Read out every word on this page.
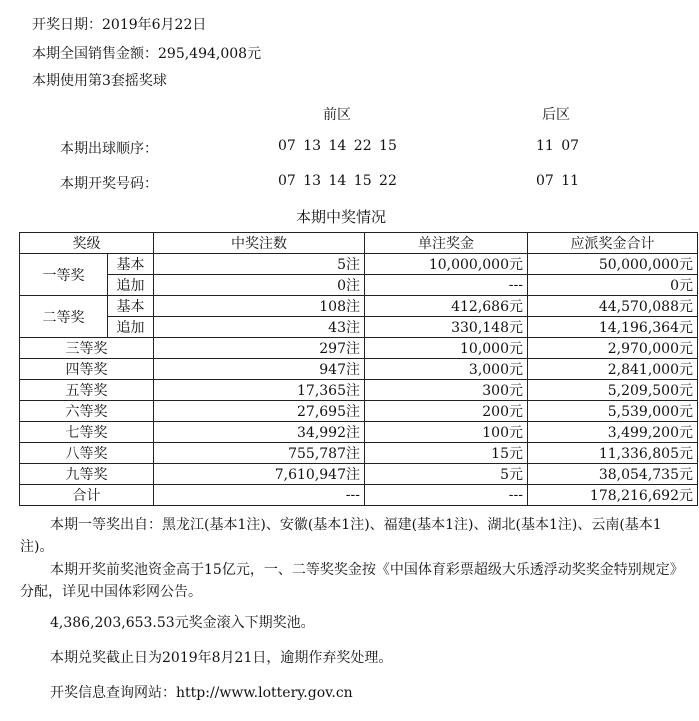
开奖日期：2019年6月22日
本期全国销售金额：295,494,008元
本期使用第3套摇奖球
前区	后区
本期出球顺序：	07 13 14 22 15	11 07
本期开奖号码：	07 13 14 15 22	07 11
本期中奖情况
奖级		中奖注数	单注奖金	应派奖金合计
一等奖	基本	5注	10,000,000元	50,000,000元
	追加	0注	---	0元
二等奖	基本	108注	412,686元	44,570,088元
	追加	43注	330,148元	14,196,364元
三等奖		297注	10,000元	2,970,000元
四等奖		947注	3,000元	2,841,000元
五等奖		17,365注	300元	5,209,500元
六等奖		27,695注	200元	5,539,000元
七等奖		34,992注	100元	3,499,200元
八等奖		755,787注	15元	11,336,805元
九等奖		7,610,947注	5元	38,054,735元
合计		---	---	178,216,692元
本期一等奖出自：黑龙江(基本1注)、安徽(基本1注)、福建(基本1注)、湖北(基本1注)、云南(基本1注)。
本期开奖前奖池资金高于15亿元，一、二等奖奖金按《中国体育彩票超级大乐透浮动奖奖金特别规定》分配，详见中国体彩网公告。
4,386,203,653.53元奖金滚入下期奖池。
本期兑奖截止日为2019年8月21日，逾期作弃奖处理。
开奖信息查询网站：http://www.lottery.gov.cn
